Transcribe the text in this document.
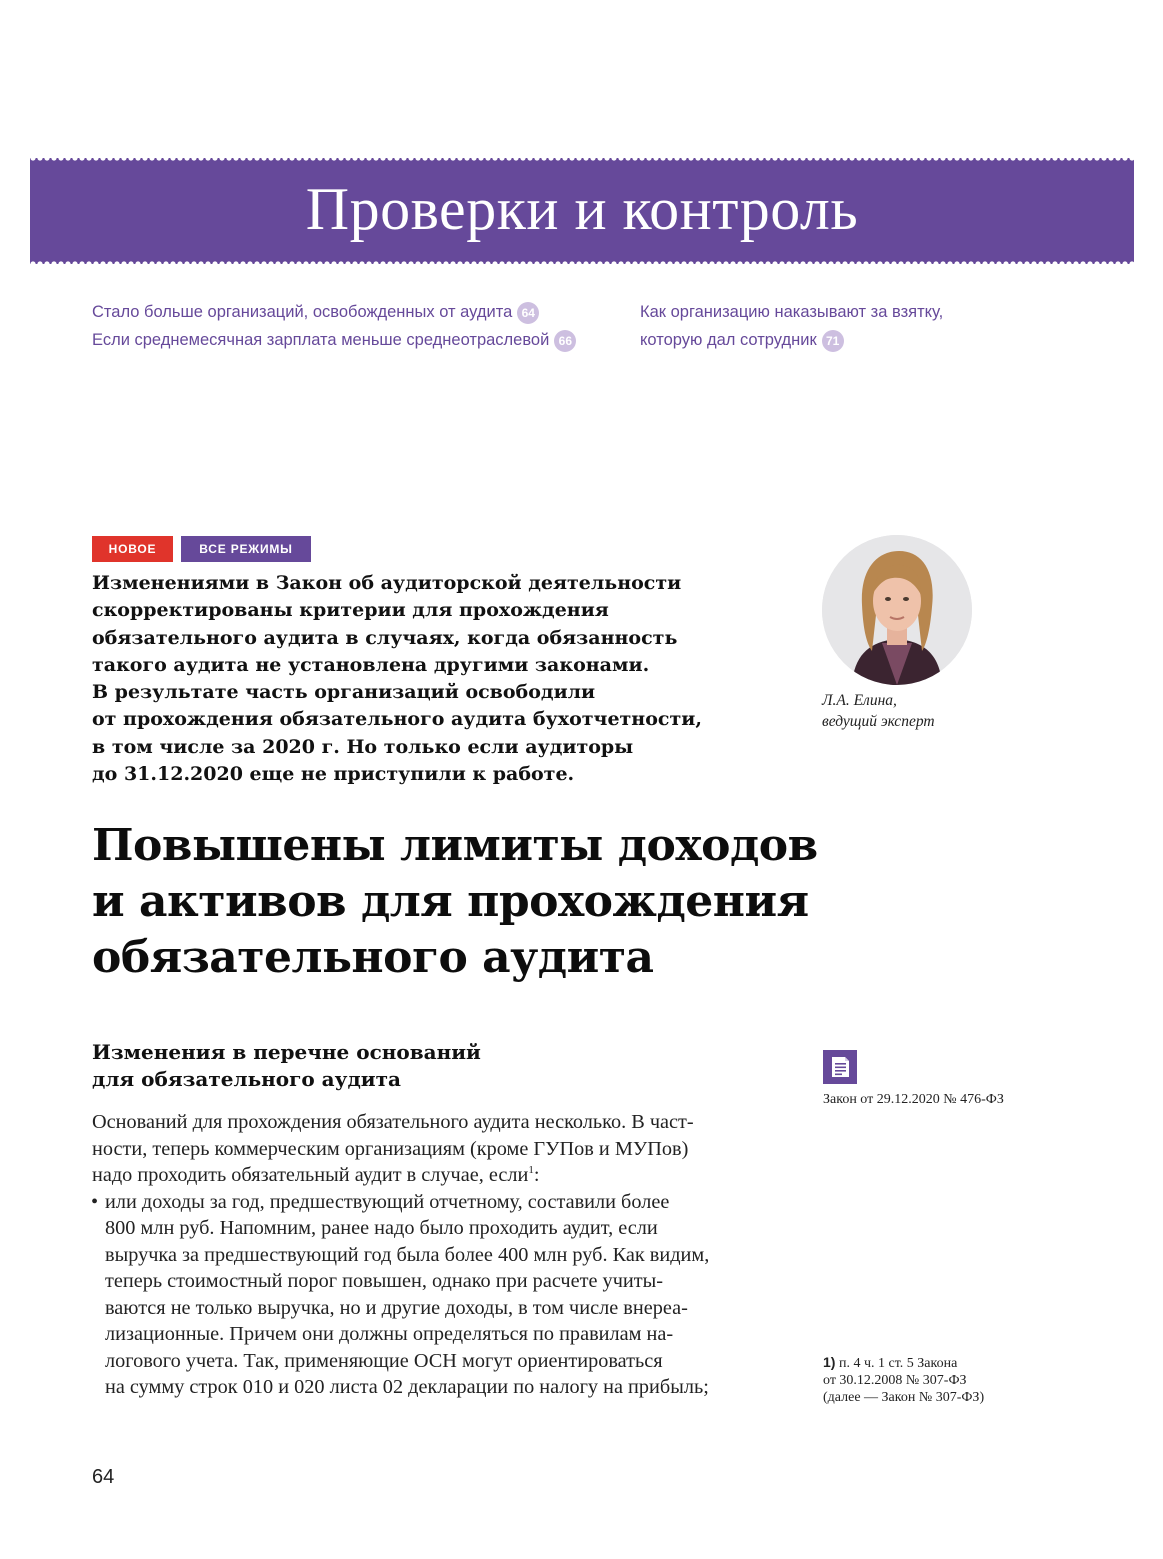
Проверки и контроль
Стало больше организаций, освобожденных от аудита 64
Если среднемесячная зарплата меньше среднеотраслевой 66
Как организацию наказывают за взятку,
которую дал сотрудник 71
НОВОЕ	ВСЕ РЕЖИМЫ
Изменениями в Закон об аудиторской деятельности
скорректированы критерии для прохождения
обязательного аудита в случаях, когда обязанность
такого аудита не установлена другими законами.
В результате часть организаций освободили
от прохождения обязательного аудита бухотчетности,
в том числе за 2020 г. Но только если аудиторы
до 31.12.2020 еще не приступили к работе.
Л.А. Елина,
ведущий эксперт
Повышены лимиты доходов
и активов для прохождения
обязательного аудита
Изменения в перечне оснований
для обязательного аудита
Оснований для прохождения обязательного аудита несколько. В част-
ности, теперь коммерческим организациям (кроме ГУПов и МУПов)
надо проходить обязательный аудит в случае, если$^1$:
• или доходы за год, предшествующий отчетному, составили более
800 млн руб. Напомним, ранее надо было проходить аудит, если
выручка за предшествующий год была более 400 млн руб. Как видим,
теперь стоимостный порог повышен, однако при расчете учиты-
ваются не только выручка, но и другие доходы, в том числе внереа-
лизационные. Причем они должны определяться по правилам на-
логового учета. Так, применяющие ОСН могут ориентироваться
на сумму строк 010 и 020 листа 02 декларации по налогу на прибыль;
Закон от 29.12.2020 № 476-ФЗ
1) п. 4 ч. 1 ст. 5 Закона
от 30.12.2008 № 307-ФЗ
(далее — Закон № 307-ФЗ)
64
